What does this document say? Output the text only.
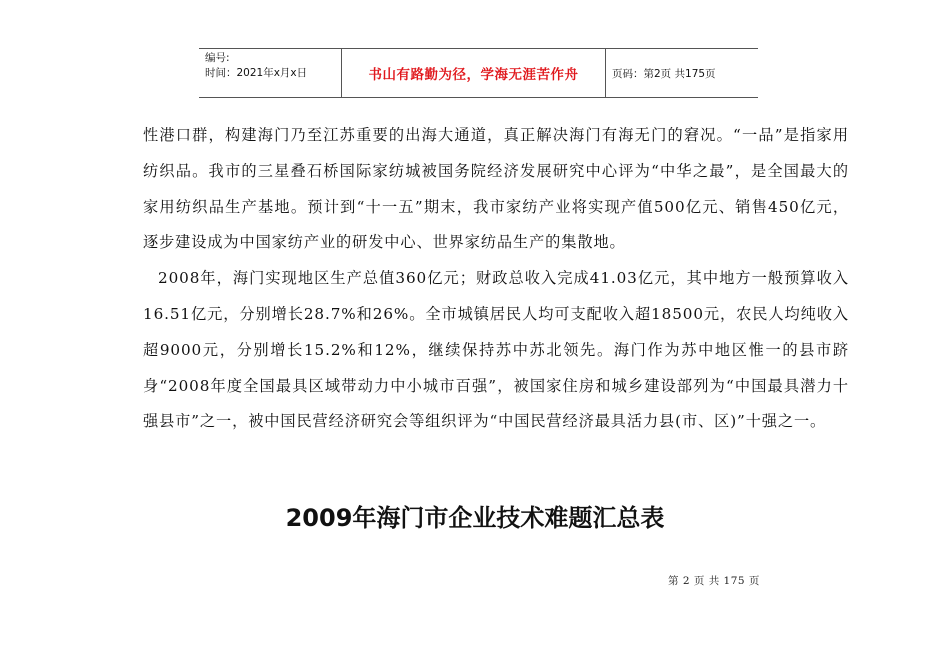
编号:
时间：2021年x月x日	书山有路勤为径，学海无涯苦作舟	页码：第2页 共175页

性港口群，构建海门乃至江苏重要的出海大通道，真正解决海门有海无门的窘况。“一品”是指家用纺织品。我市的三星叠石桥国际家纺城被国务院经济发展研究中心评为“中华之最”，是全国最大的家用纺织品生产基地。预计到“十一五”期末，我市家纺产业将实现产值500亿元、销售450亿元，逐步建设成为中国家纺产业的研发中心、世界家纺品生产的集散地。

2008年，海门实现地区生产总值360亿元；财政总收入完成41.03亿元，其中地方一般预算收入16.51亿元，分别增长28.7%和26%。全市城镇居民人均可支配收入超18500元，农民人均纯收入超9000元，分别增长15.2%和12%，继续保持苏中苏北领先。海门作为苏中地区惟一的县市跻身“2008年度全国最具区域带动力中小城市百强”，被国家住房和城乡建设部列为“中国最具潜力十强县市”之一，被中国民营经济研究会等组织评为“中国民营经济最具活力县(市、区)”十强之一。

2009年海门市企业技术难题汇总表
第 2 页 共 175 页
